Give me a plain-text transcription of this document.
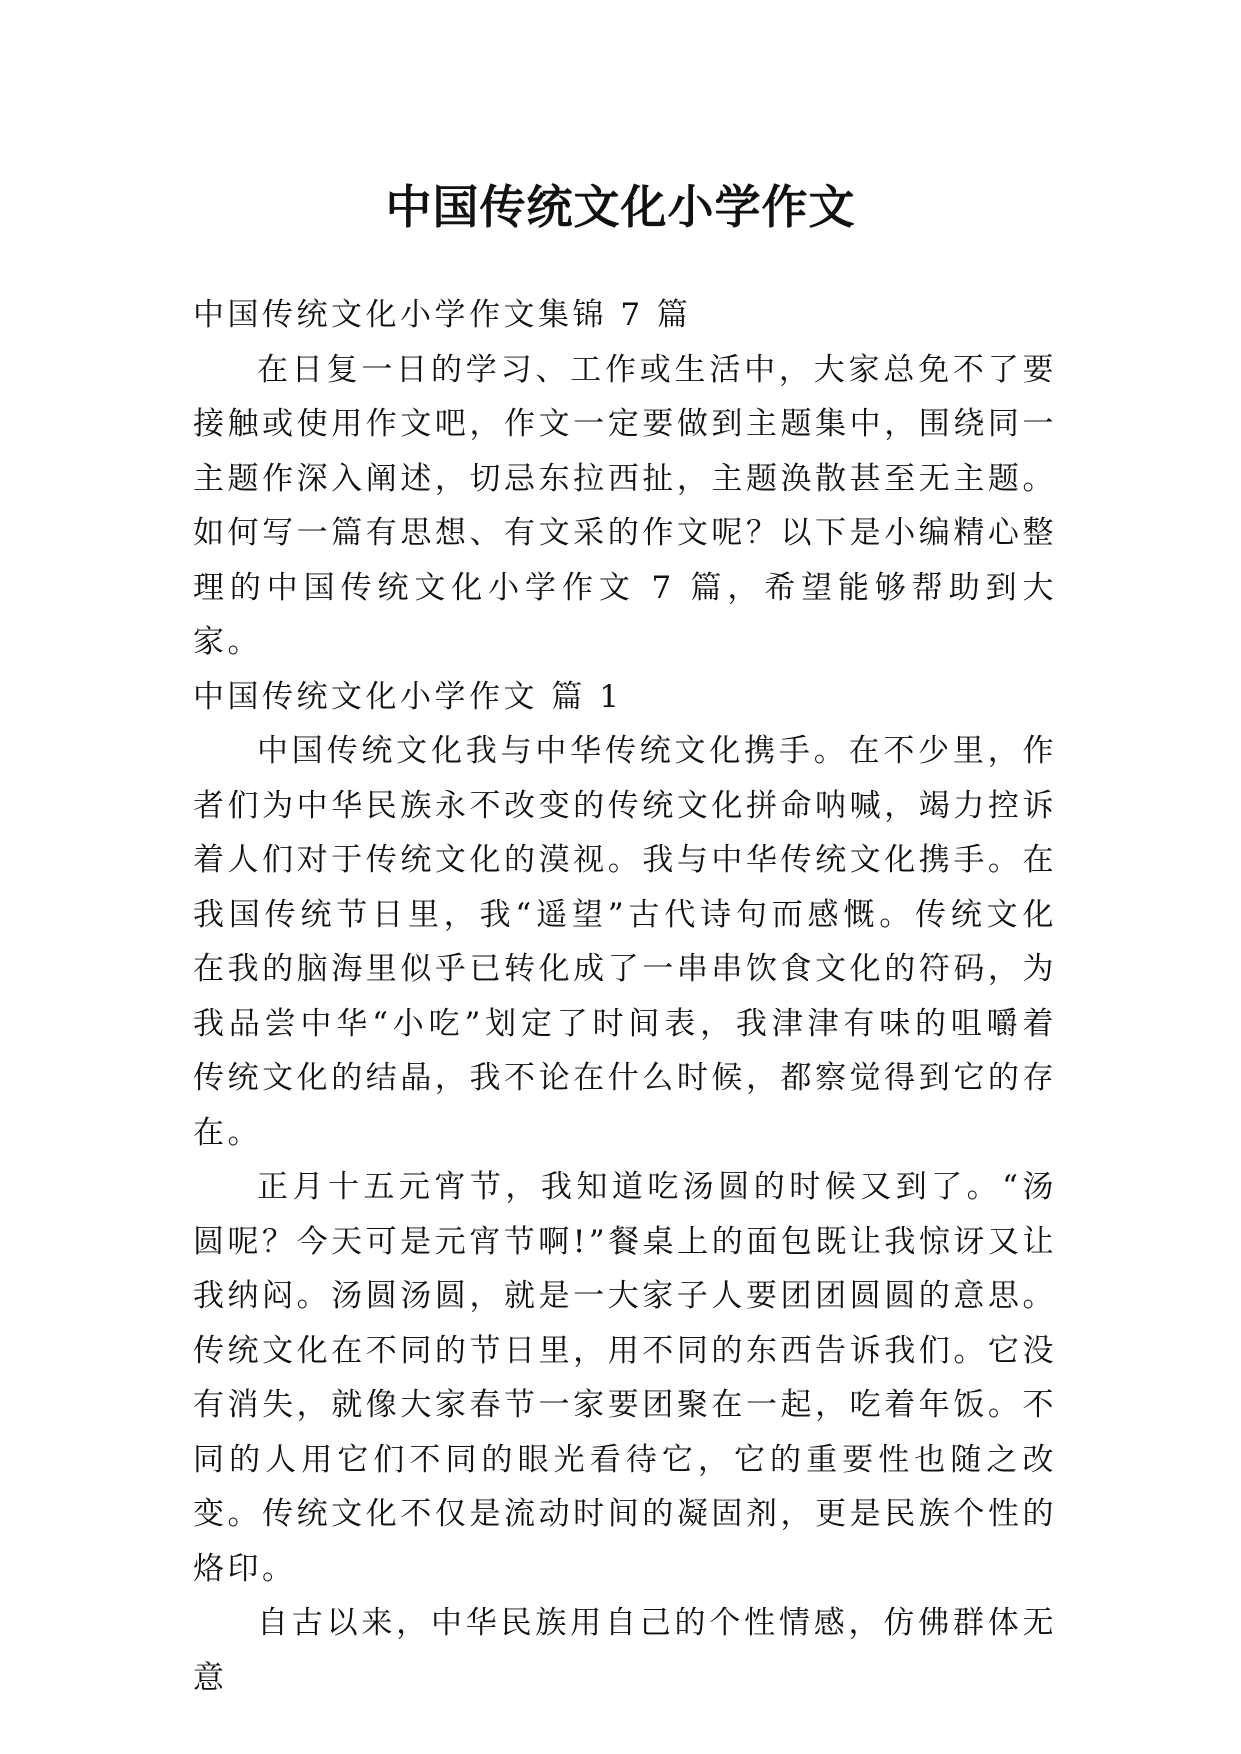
中国传统文化小学作文

中国传统文化小学作文集锦 7 篇

在日复一日的学习、工作或生活中，大家总免不了要接触或使用作文吧，作文一定要做到主题集中，围绕同一主题作深入阐述，切忌东拉西扯，主题涣散甚至无主题。如何写一篇有思想、有文采的作文呢？以下是小编精心整理的中国传统文化小学作文 7 篇，希望能够帮助到大家。

中国传统文化小学作文 篇 1

中国传统文化我与中华传统文化携手。在不少里，作者们为中华民族永不改变的传统文化拼命呐喊，竭力控诉着人们对于传统文化的漠视。我与中华传统文化携手。在我国传统节日里，我“遥望”古代诗句而感慨。传统文化在我的脑海里似乎已转化成了一串串饮食文化的符码，为我品尝中华“小吃”划定了时间表，我津津有味的咀嚼着传统文化的结晶，我不论在什么时候，都察觉得到它的存在。

正月十五元宵节，我知道吃汤圆的时候又到了。“汤圆呢？今天可是元宵节啊!”餐桌上的面包既让我惊讶又让我纳闷。汤圆汤圆，就是一大家子人要团团圆圆的意思。传统文化在不同的节日里，用不同的东西告诉我们。它没有消失，就像大家春节一家要团聚在一起，吃着年饭。不同的人用它们不同的眼光看待它，它的重要性也随之改变。传统文化不仅是流动时间的凝固剂，更是民族个性的烙印。

自古以来，中华民族用自己的个性情感，仿佛群体无意
